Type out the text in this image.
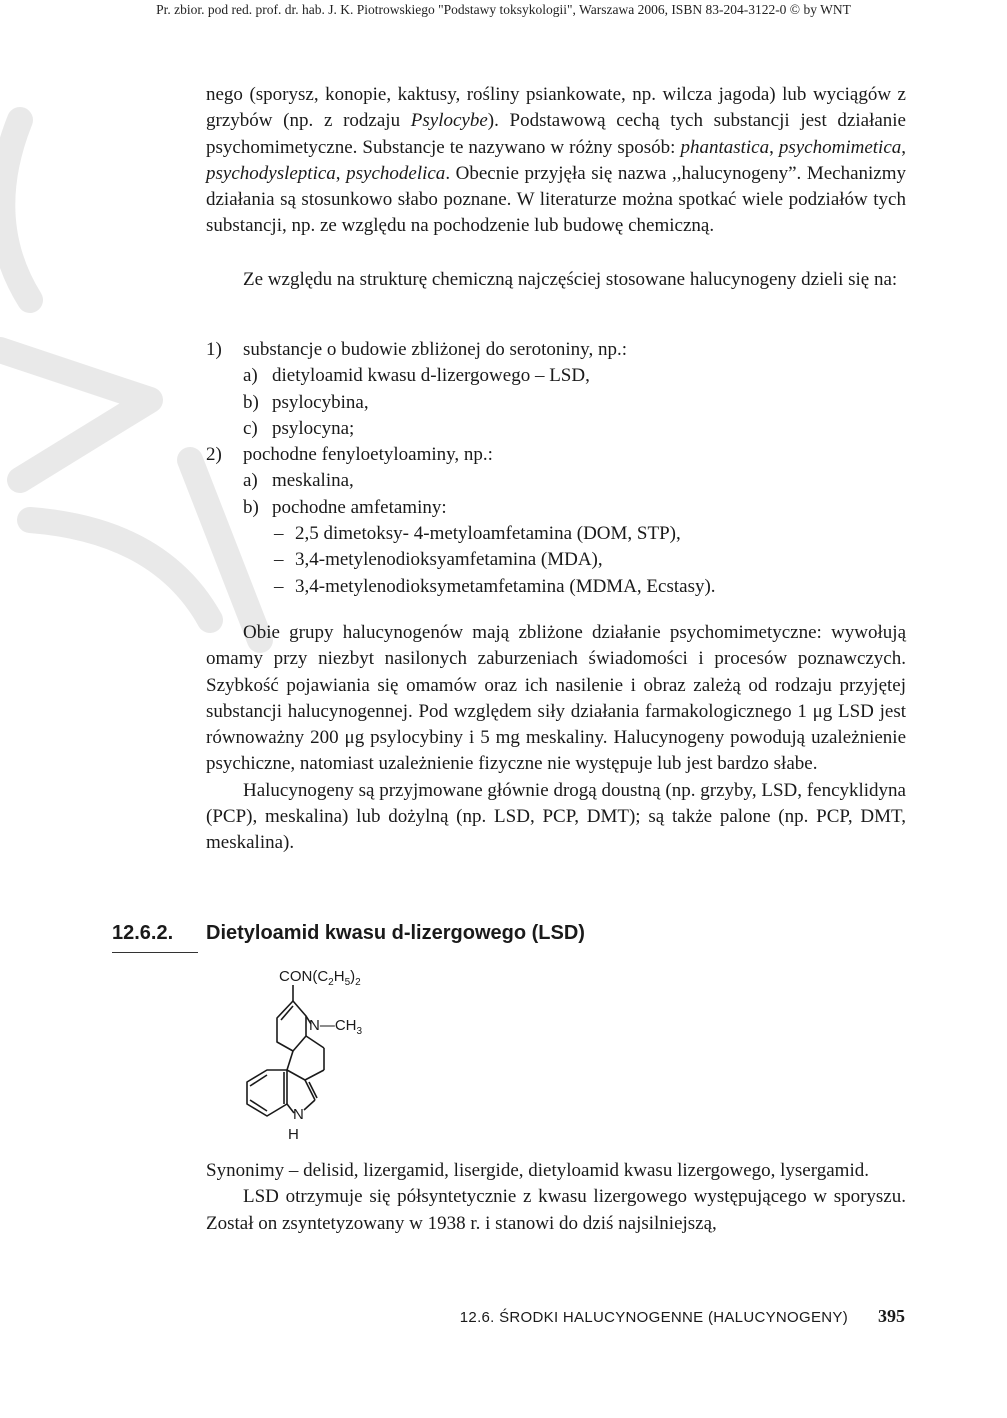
Pr. zbior. pod red. prof. dr. hab. J. K. Piotrowskiego "Podstawy toksykologii", Warszawa 2006, ISBN 83-204-3122-0 © by WNT

nego (sporysz, konopie, kaktusy, rośliny psiankowate, np. wilcza jagoda) lub wyciągów z grzybów (np. z rodzaju Psylocybe). Podstawową cechą tych substancji jest działanie psychomimetyczne. Substancje te nazywano w różny sposób: phantastica, psychomimetica, psychodysleptica, psychodelica. Obecnie przyjęła się nazwa ,,halucynogeny”. Mechanizmy działania są stosunkowo słabo poznane. W literaturze można spotkać wiele podziałów tych substancji, np. ze względu na pochodzenie lub budowę chemiczną.

Ze względu na strukturę chemiczną najczęściej stosowane halucynogeny dzieli się na:

1) substancje o budowie zbliżonej do serotoniny, np.:
a) dietyloamid kwasu d-lizergowego – LSD,
b) psylocybina,
c) psylocyna;
2) pochodne fenyloetyloaminy, np.:
a) meskalina,
b) pochodne amfetaminy:
– 2,5 dimetoksy- 4-metyloamfetamina (DOM, STP),
– 3,4-metylenodioksyamfetamina (MDA),
– 3,4-metylenodioksymetamfetamina (MDMA, Ecstasy).

Obie grupy halucynogenów mają zbliżone działanie psychomimetyczne: wywołują omamy przy niezbyt nasilonych zaburzeniach świadomości i procesów poznawczych. Szybkość pojawiania się omamów oraz ich nasilenie i obraz zależą od rodzaju przyjętej substancji halucynogennej. Pod względem siły działania farmakologicznego 1 μg LSD jest równoważny 200 μg psylocybiny i 5 mg meskaliny. Halucynogeny powodują uzależnienie psychiczne, natomiast uzależnienie fizyczne nie występuje lub jest bardzo słabe.

Halucynogeny są przyjmowane głównie drogą doustną (np. grzyby, LSD, fencyklidyna (PCP), meskalina) lub dożylną (np. LSD, PCP, DMT); są także palone (np. PCP, DMT, meskalina).

12.6.2. Dietyloamid kwasu d-lizergowego (LSD)
$CON(C_2H_5)_2$
$N—CH_3$
N
H

Synonimy – delisid, lizergamid, lisergide, dietyloamid kwasu lizergowego, lysergamid.

LSD otrzymuje się półsyntetycznie z kwasu lizergowego występującego w sporyszu. Został on zsyntetyzowany w 1938 r. i stanowi do dziś najsilniejszą,

12.6. ŚRODKI HALUCYNOGENNE (HALUCYNOGENY) 395
